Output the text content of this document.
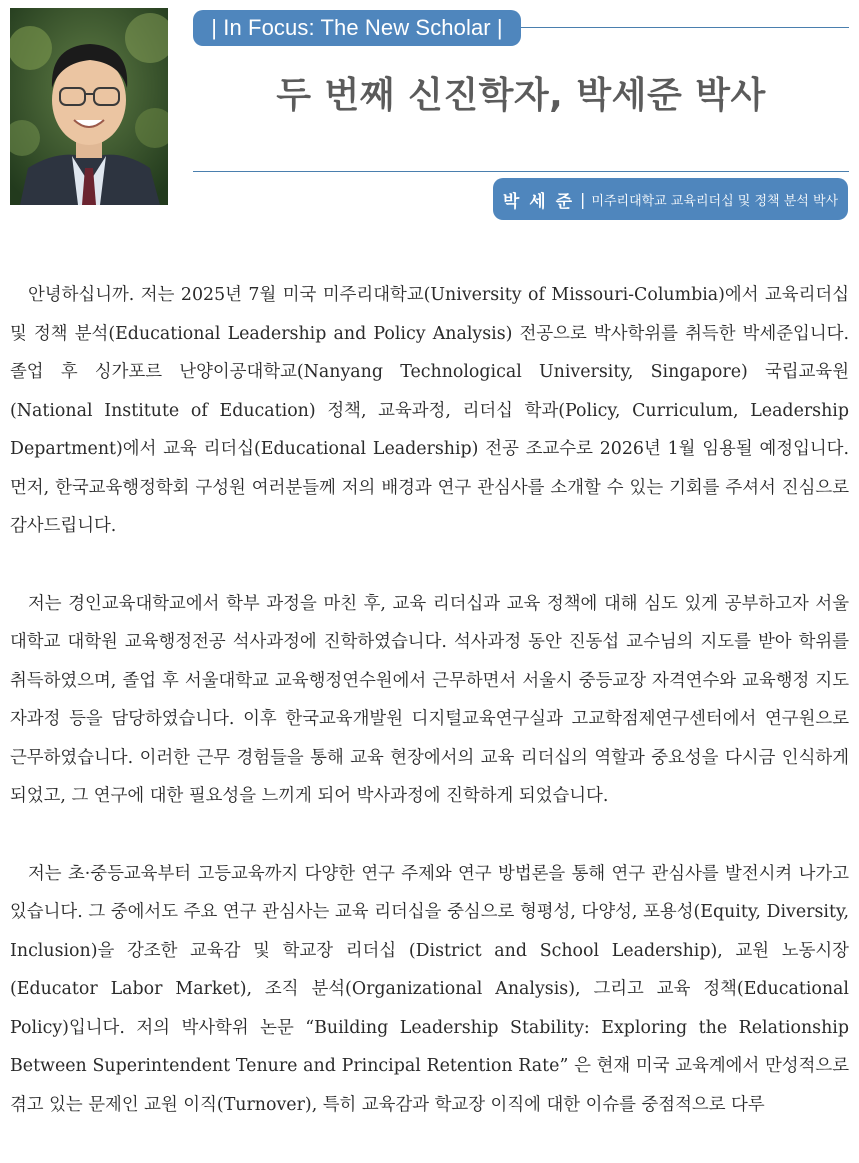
| In Focus: The New Scholar |
두 번째 신진학자, 박세준 박사
박 세 준 | 미주리대학교 교육리더십 및 정책 분석 박사

안녕하십니까. 저는 2025년 7월 미국 미주리대학교(University of Missouri-Columbia)에서 교육리더십 및 정책 분석(Educational Leadership and Policy Analysis) 전공으로 박사학위를 취득한 박세준입니다. 졸업 후 싱가포르 난양이공대학교(Nanyang Technological University, Singapore) 국립교육원(National Institute of Education) 정책, 교육과정, 리더십 학과(Policy, Curriculum, Leadership Department)에서 교육 리더십(Educational Leadership) 전공 조교수로 2026년 1월 임용될 예정입니다. 먼저, 한국교육행정학회 구성원 여러분들께 저의 배경과 연구 관심사를 소개할 수 있는 기회를 주셔서 진심으로 감사드립니다.

저는 경인교육대학교에서 학부 과정을 마친 후, 교육 리더십과 교육 정책에 대해 심도 있게 공부하고자 서울대학교 대학원 교육행정전공 석사과정에 진학하였습니다. 석사과정 동안 진동섭 교수님의 지도를 받아 학위를 취득하였으며, 졸업 후 서울대학교 교육행정연수원에서 근무하면서 서울시 중등교장 자격연수와 교육행정 지도자과정 등을 담당하였습니다. 이후 한국교육개발원 디지털교육연구실과 고교학점제연구센터에서 연구원으로 근무하였습니다. 이러한 근무 경험들을 통해 교육 현장에서의 교육 리더십의 역할과 중요성을 다시금 인식하게 되었고, 그 연구에 대한 필요성을 느끼게 되어 박사과정에 진학하게 되었습니다.

저는 초·중등교육부터 고등교육까지 다양한 연구 주제와 연구 방법론을 통해 연구 관심사를 발전시켜 나가고 있습니다. 그 중에서도 주요 연구 관심사는 교육 리더십을 중심으로 형평성, 다양성, 포용성(Equity, Diversity, Inclusion)을 강조한 교육감 및 학교장 리더십 (District and School Leadership), 교원 노동시장(Educator Labor Market), 조직 분석(Organizational Analysis), 그리고 교육 정책(Educational Policy)입니다. 저의 박사학위 논문 “Building Leadership Stability: Exploring the Relationship Between Superintendent Tenure and Principal Retention Rate” 은 현재 미국 교육계에서 만성적으로 겪고 있는 문제인 교원 이직(Turnover), 특히 교육감과 학교장 이직에 대한 이슈를 중점적으로 다루
